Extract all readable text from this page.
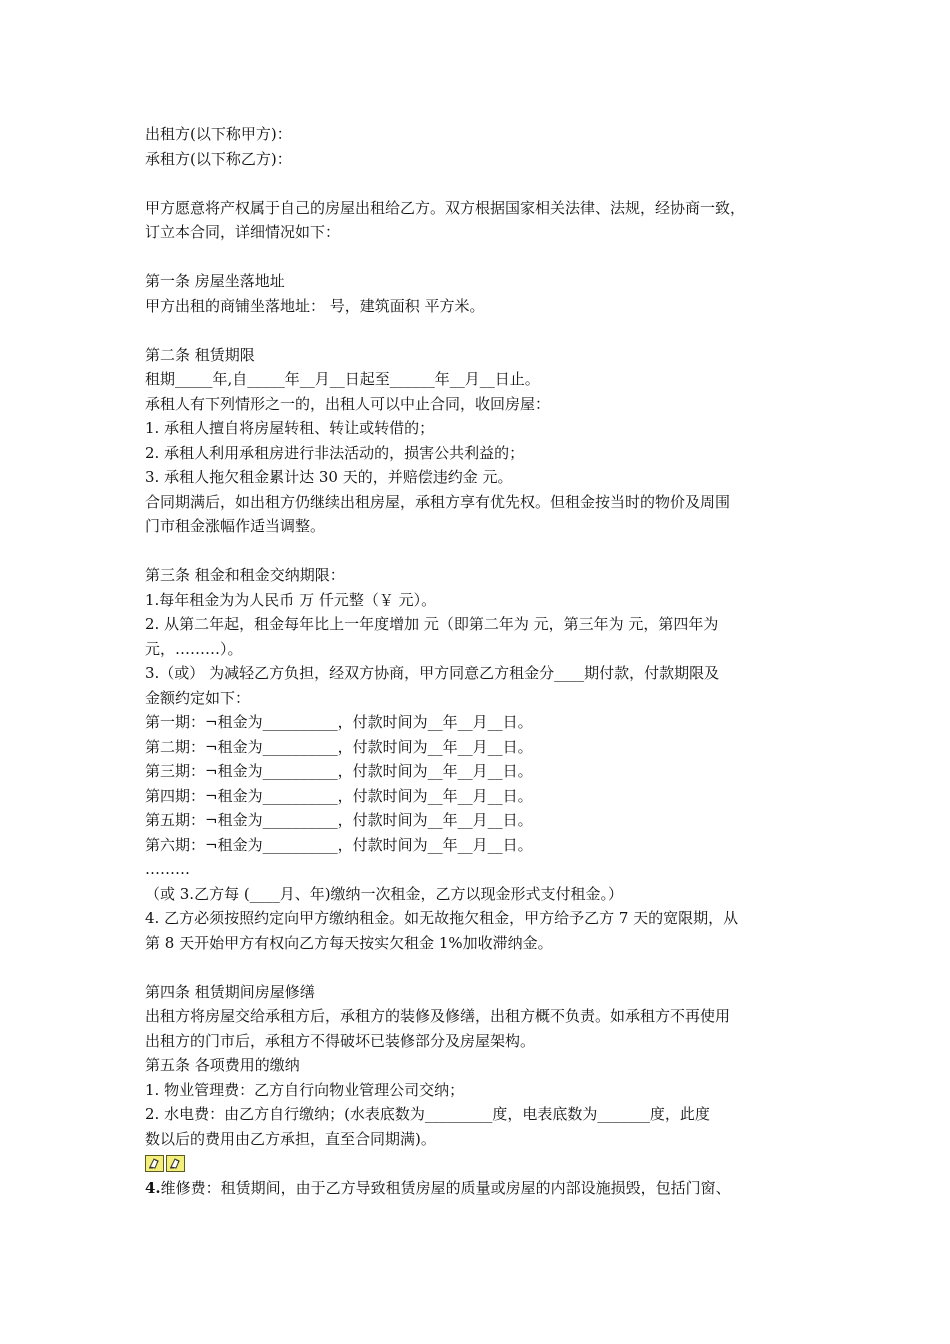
出租方(以下称甲方)：
承租方(以下称乙方)：
甲方愿意将产权属于自己的房屋出租给乙方。双方根据国家相关法律、法规，经协商一致，
订立本合同，详细情况如下：
第一条 房屋坐落地址
甲方出租的商铺坐落地址： 号，建筑面积 平方米。
第二条 租赁期限
租期_____年,自_____年__月__日起至______年__月__日止。
承租人有下列情形之一的，出租人可以中止合同，收回房屋：
1. 承租人擅自将房屋转租、转让或转借的；
2. 承租人利用承租房进行非法活动的，损害公共利益的；
3. 承租人拖欠租金累计达 30 天的，并赔偿违约金 元。
合同期满后，如出租方仍继续出租房屋，承租方享有优先权。但租金按当时的物价及周围
门市租金涨幅作适当调整。
第三条 租金和租金交纳期限：
1.每年租金为为人民币 万 仟元整（￥ 元）。
2. 从第二年起，租金每年比上一年度增加 元（即第二年为 元，第三年为 元，第四年为
元，………）。
3.（或） 为减轻乙方负担，经双方协商，甲方同意乙方租金分____期付款，付款期限及
金额约定如下：
第一期：¬租金为__________，付款时间为__年__月__日。
第二期：¬租金为__________，付款时间为__年__月__日。
第三期：¬租金为__________，付款时间为__年__月__日。
第四期：¬租金为__________，付款时间为__年__月__日。
第五期：¬租金为__________，付款时间为__年__月__日。
第六期：¬租金为__________，付款时间为__年__月__日。
………
（或 3.乙方每 (____月、年)缴纳一次租金，乙方以现金形式支付租金。）
4. 乙方必须按照约定向甲方缴纳租金。如无故拖欠租金，甲方给予乙方 7 天的宽限期，从
第 8 天开始甲方有权向乙方每天按实欠租金 1%加收滞纳金。
第四条 租赁期间房屋修缮
出租方将房屋交给承租方后，承租方的装修及修缮，出租方概不负责。如承租方不再使用
出租方的门市后，承租方不得破坏已装修部分及房屋架构。
第五条 各项费用的缴纳
1. 物业管理费：乙方自行向物业管理公司交纳；
2. 水电费：由乙方自行缴纳；(水表底数为_________度，电表底数为_______度，此度
数以后的费用由乙方承担，直至合同期满)。
4.维修费：租赁期间，由于乙方导致租赁房屋的质量或房屋的内部设施损毁，包括门窗、
